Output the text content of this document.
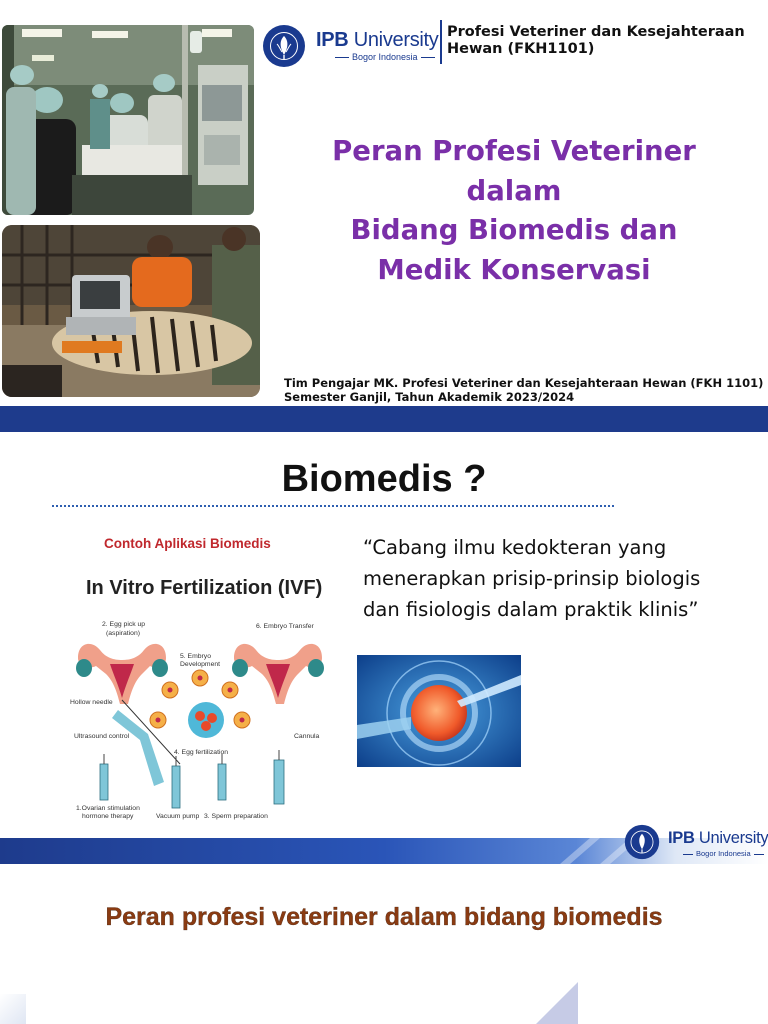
IPB University
Bogor Indonesia
Profesi Veteriner dan Kesejahteraan Hewan (FKH1101)
Peran Profesi Veteriner
dalam
Bidang Biomedis dan
Medik Konservasi
Tim Pengajar MK. Profesi Veteriner dan Kesejahteraan Hewan (FKH 1101)
Semester Ganjil, Tahun Akademik 2023/2024
Biomedis ?
Contoh Aplikasi Biomedis
In Vitro Fertilization (IVF)
2. Egg pick up
(aspiration)
6. Embryo Transfer
5. Embryo
Development
Hollow needle
Ultrasound control
4. Egg fertilization
Cannula
1.Ovarian stimulation
hormone therapy	Vacuum pump 3. Sperm preparation
“Cabang ilmu kedokteran yang
menerapkan prisip-prinsip biologis
dan fisiologis dalam praktik klinis”
IPB University
Bogor Indonesia
Peran profesi veteriner dalam bidang biomedis
